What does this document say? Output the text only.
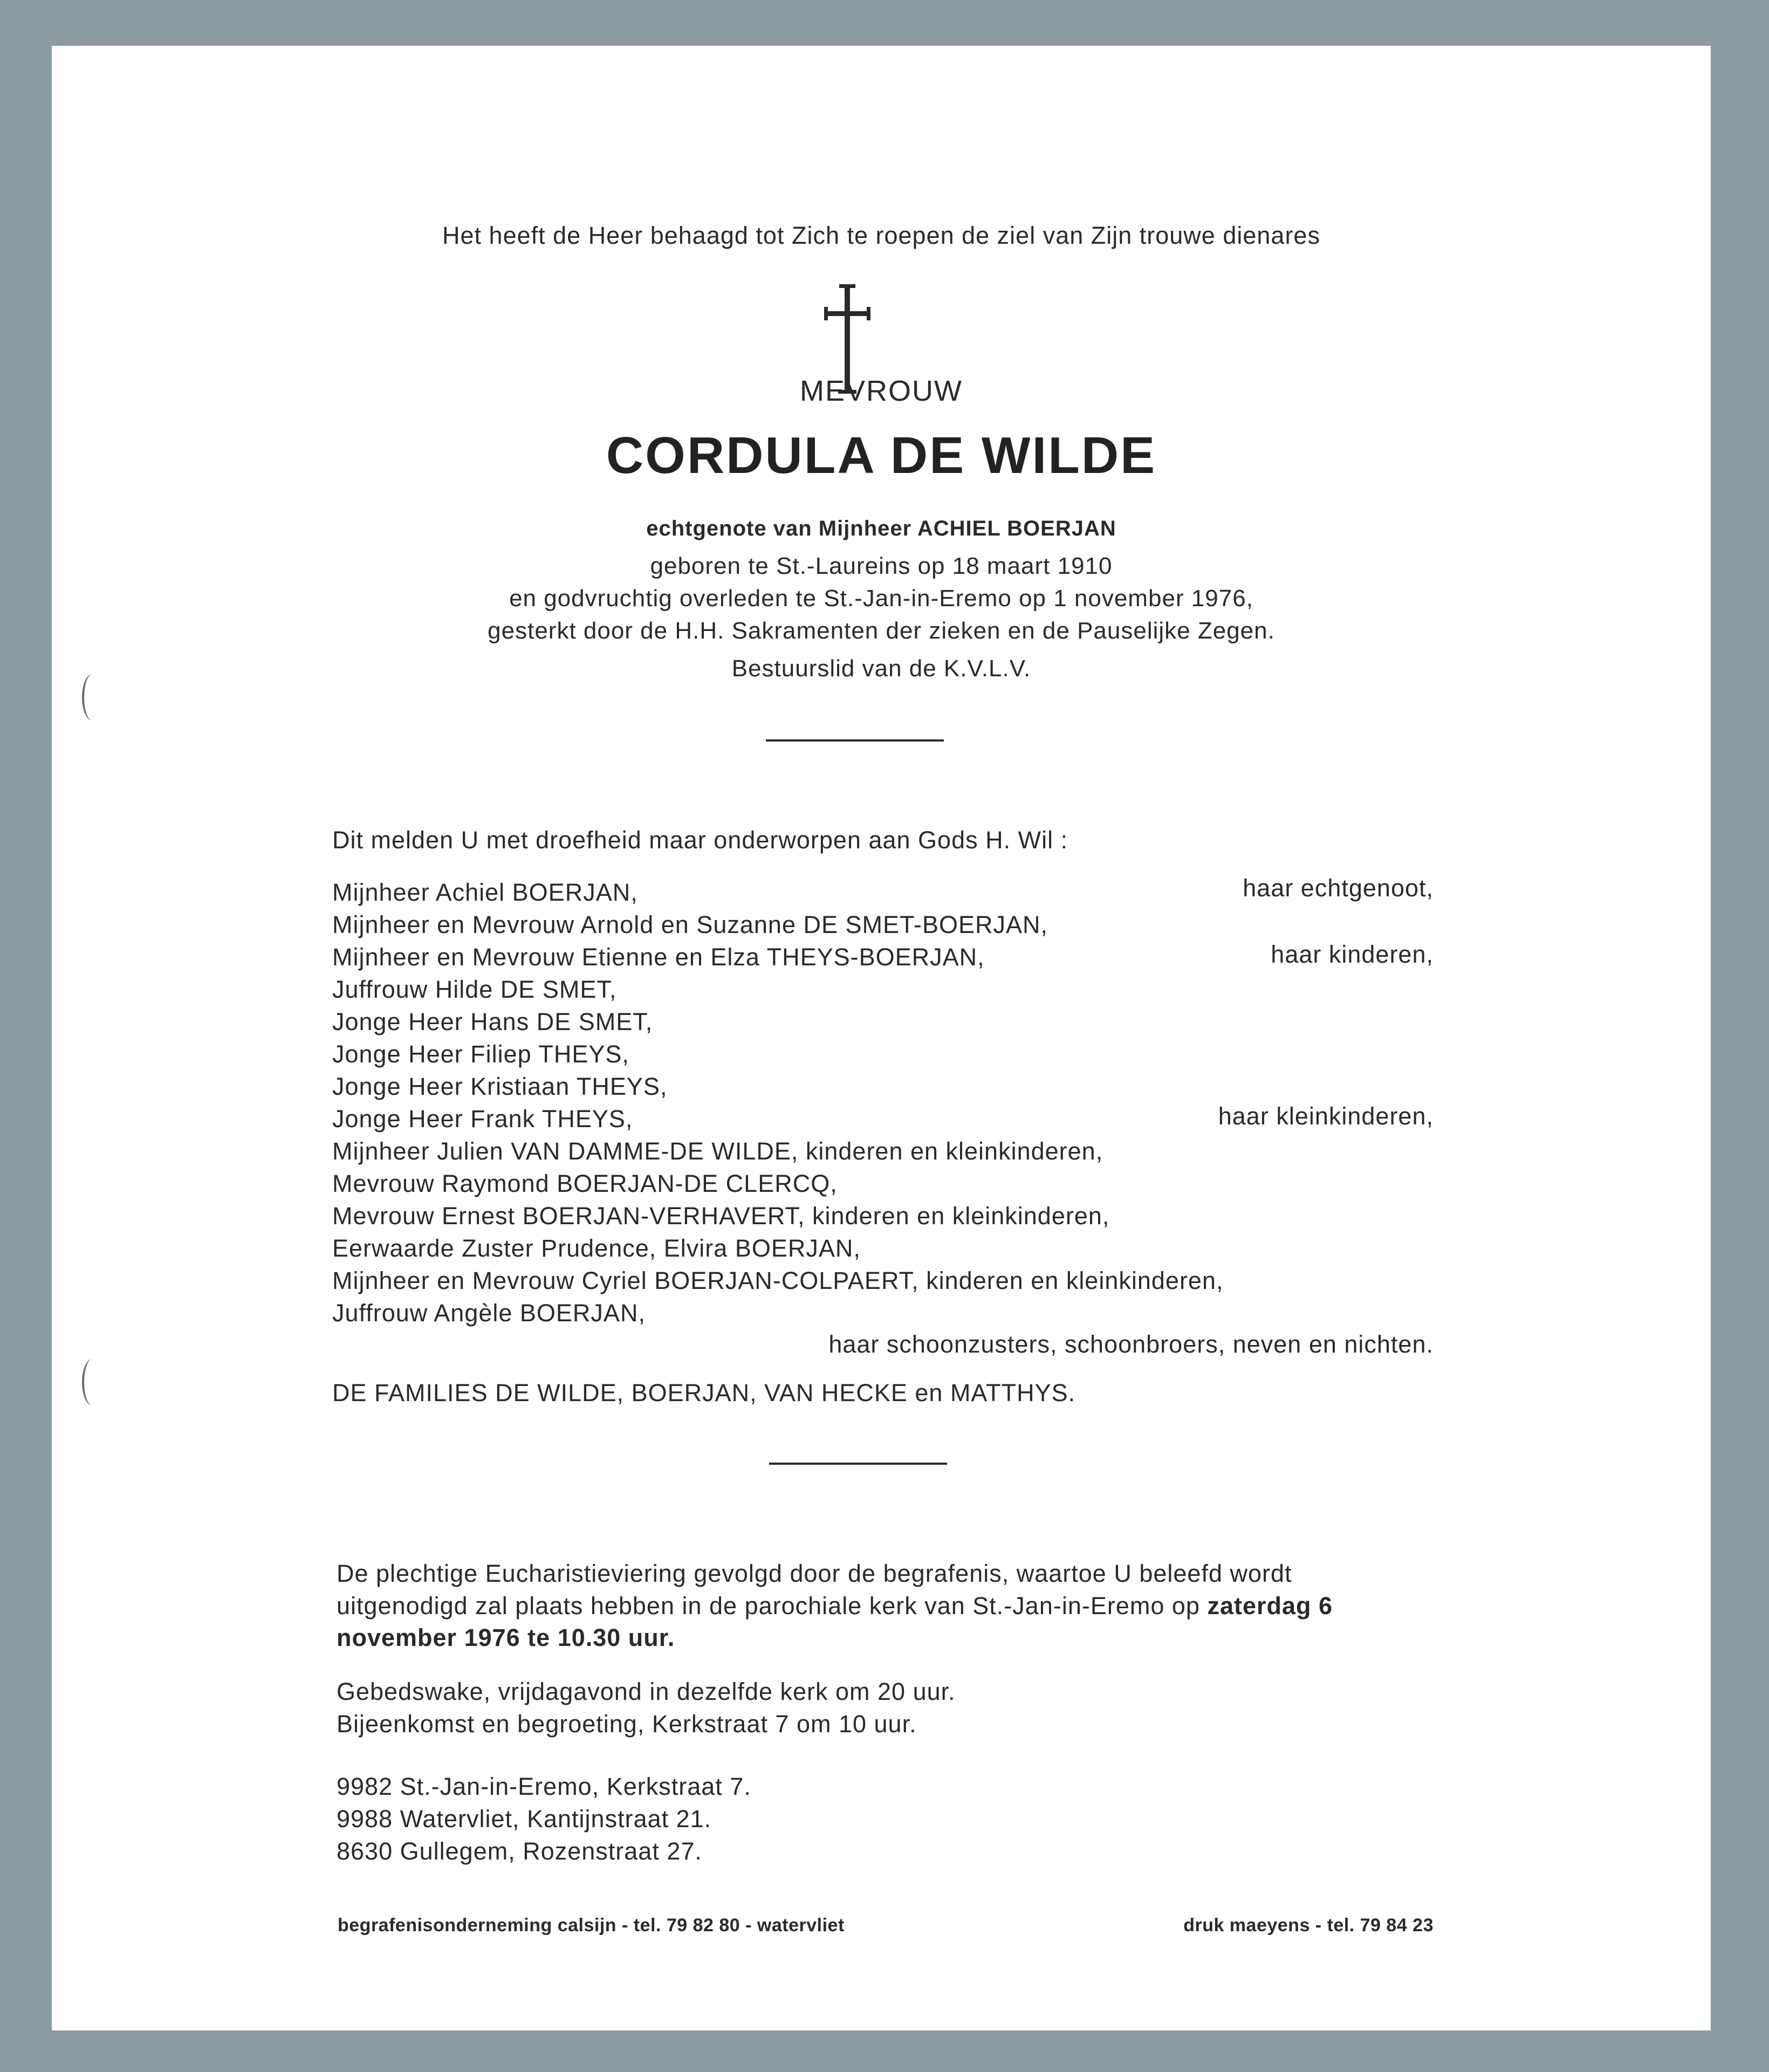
Het heeft de Heer behaagd tot Zich te roepen de ziel van Zijn trouwe dienares
MEVROUW
CORDULA DE WILDE
echtgenote van Mijnheer ACHIEL BOERJAN
geboren te St.-Laureins op 18 maart 1910
en godvruchtig overleden te St.-Jan-in-Eremo op 1 november 1976,
gesterkt door de H.H. Sakramenten der zieken en de Pauselijke Zegen.
Bestuurslid van de K.V.L.V.
Dit melden U met droefheid maar onderworpen aan Gods H. Wil :
Mijnheer Achiel BOERJAN,	haar echtgenoot,
Mijnheer en Mevrouw Arnold en Suzanne DE SMET-BOERJAN,
Mijnheer en Mevrouw Etienne en Elza THEYS-BOERJAN,	haar kinderen,
Juffrouw Hilde DE SMET,
Jonge Heer Hans DE SMET,
Jonge Heer Filiep THEYS,
Jonge Heer Kristiaan THEYS,
Jonge Heer Frank THEYS,	haar kleinkinderen,
Mijnheer Julien VAN DAMME-DE WILDE, kinderen en kleinkinderen,
Mevrouw Raymond BOERJAN-DE CLERCQ,
Mevrouw Ernest BOERJAN-VERHAVERT, kinderen en kleinkinderen,
Eerwaarde Zuster Prudence, Elvira BOERJAN,
Mijnheer en Mevrouw Cyriel BOERJAN-COLPAERT, kinderen en kleinkinderen,
Juffrouw Angèle BOERJAN,
haar schoonzusters, schoonbroers, neven en nichten.
DE FAMILIES DE WILDE, BOERJAN, VAN HECKE en MATTHYS.
De plechtige Eucharistieviering gevolgd door de begrafenis, waartoe U beleefd wordt
uitgenodigd zal plaats hebben in de parochiale kerk van St.-Jan-in-Eremo op zaterdag 6
november 1976 te 10.30 uur.
Gebedswake, vrijdagavond in dezelfde kerk om 20 uur.
Bijeenkomst en begroeting, Kerkstraat 7 om 10 uur.
9982 St.-Jan-in-Eremo, Kerkstraat 7.
9988 Watervliet, Kantijnstraat 21.
8630 Gullegem, Rozenstraat 27.
begrafenisonderneming calsijn - tel. 79 82 80 - watervliet	druk maeyens - tel. 79 84 23
